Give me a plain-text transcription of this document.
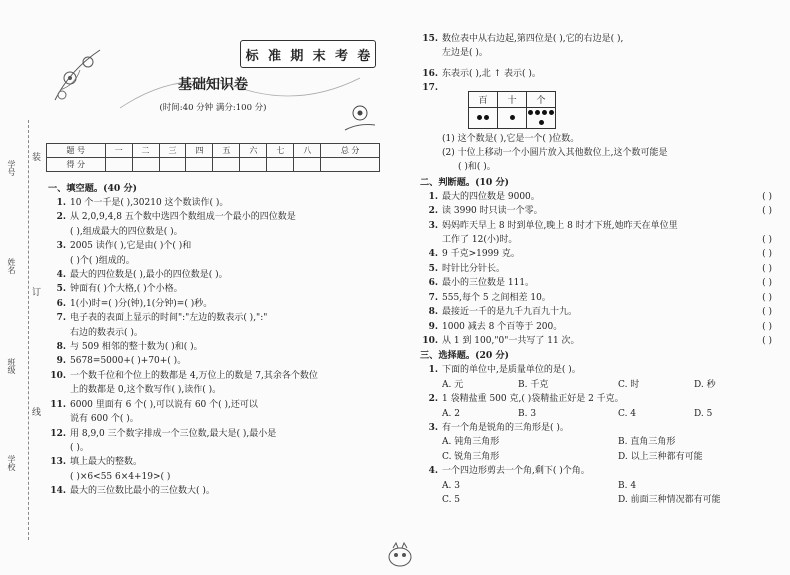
学号
姓名
班级
学校
装
订
线
标 准 期 末 考 卷
基础知识卷
(时间:40 分钟 满分:100 分)
题 号	一	二	三	四	五	六	七	八	总 分
得 分									
一、填空题。(40 分)
1. 10 个一千是( ),30210 这个数读作( )。
2. 从 2,0,9,4,8 五个数中选四个数组成一个最小的四位数是
( ),组成最大的四位数是( )。
3. 2005 读作( ),它是由( )个( )和
( )个( )组成的。
4. 最大的四位数是( ),最小的四位数是( )。
5. 钟面有( )个大格,( )个小格。
6. 1(小)时=( )分(钟),1(分钟)=( )秒。
7. 电子表的表面上显示的时间":"左边的数表示( ),":"
右边的数表示( )。
8. 与 509 相邻的整十数为( )和( )。
9. 5678=5000+( )+70+( )。
10. 一个数千位和个位上的数都是 4,万位上的数是 7,其余各个数位
上的数都是 0,这个数写作( ),读作( )。
11. 6000 里面有 6 个( ),可以说有 60 个( ),还可以
说有 600 个( )。
12. 用 8,9,0 三个数字排成一个三位数,最大是( ),最小是
( )。
13. 填上最大的整数。
( )×6<55 6×4+19>( )
14. 最大的三位数比最小的三位数大( )。
15. 数位表中从右边起,第四位是( ),它的右边是( ),
左边是( )。
16. 东表示( ),北 ↑ 表示( )。
17.
(1) 这个数是( ),它是一个( )位数。
(2) 十位上移动一个小圆片放入其他数位上,这个数可能是
( )和( )。
二、判断题。(10 分)
1. 最大的四位数是 9000。	( )
2. 读 3990 时只读一个零。	( )
3. 妈妈昨天早上 8 时到单位,晚上 8 时才下班,她昨天在单位里
工作了 12(小)时。	( )
4. 9 千克>1999 克。	( )
5. 时针比分针长。	( )
6. 最小的三位数是 111。	( )
7. 555,每个 5 之间相差 10。	( )
8. 最接近一千的是九千九百九十九。	( )
9. 1000 减去 8 个百等于 200。	( )
10. 从 1 到 100,"0"一共写了 11 次。	( )
三、选择题。(20 分)
1. 下面的单位中,是质量单位的是( )。
A. 元	B. 千克	C. 时	D. 秒
2. 1 袋精盐重 500 克,( )袋精盐正好是 2 千克。
A. 2	B. 3	C. 4	D. 5
3. 有一个角是锐角的三角形是( )。
A. 钝角三角形	B. 直角三角形
C. 锐角三角形	D. 以上三种都有可能
4. 一个四边形剪去一个角,剩下( )个角。
A. 3	B. 4
C. 5	D. 前面三种情况都有可能
百	十	个
